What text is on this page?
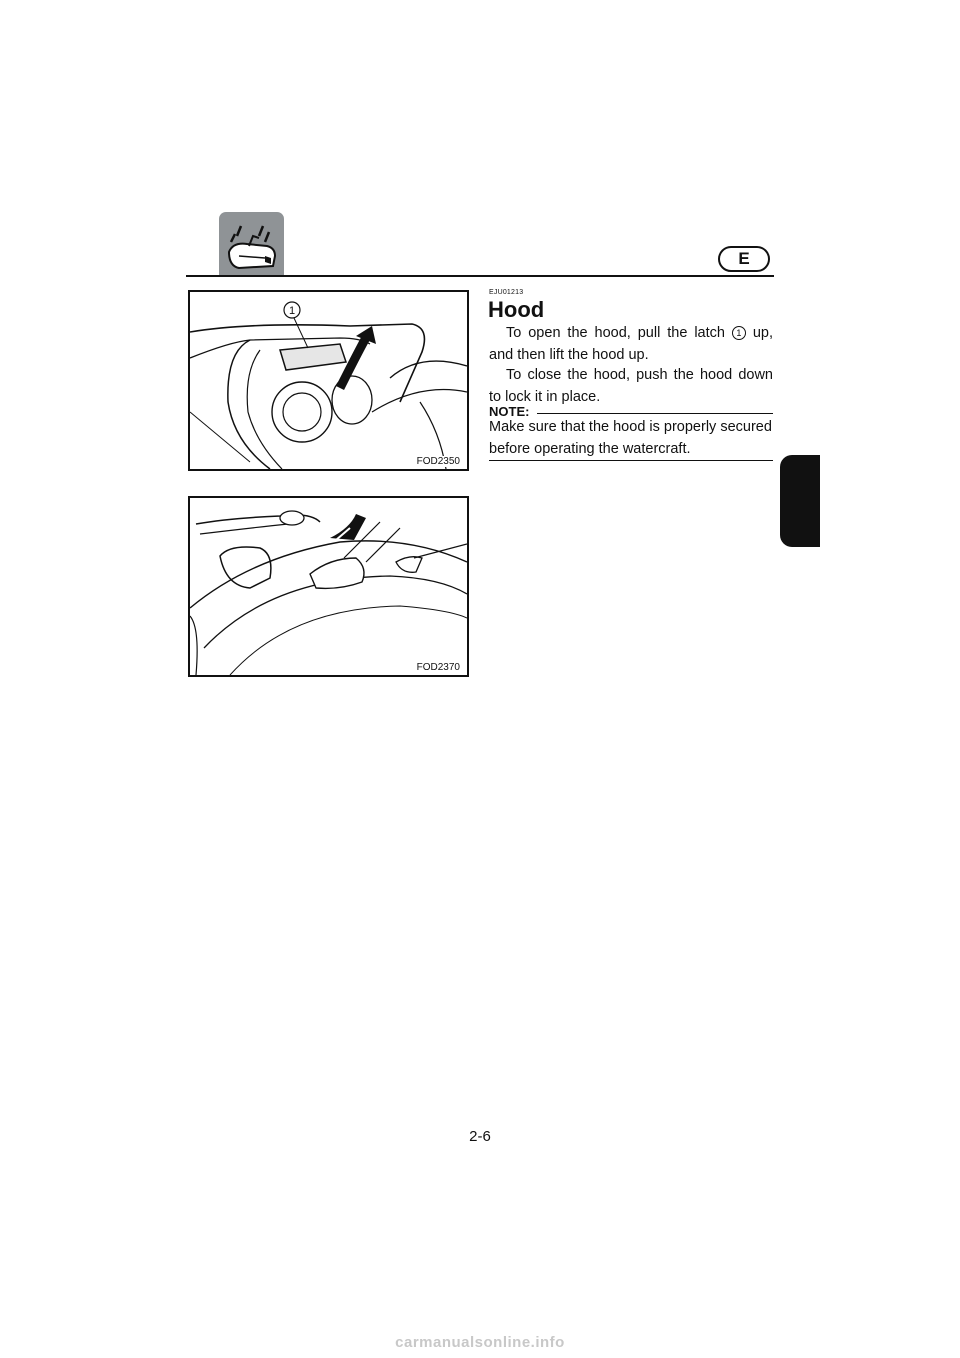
E
1
FOD2350
FOD2370
EJU01213
Hood

To open the hood, pull the latch 1 up, and then lift the hood up.

To close the hood, push the hood down to lock it in place.

NOTE:

Make sure that the hood is properly secured before operating the watercraft.

2-6
carmanualsonline.info
